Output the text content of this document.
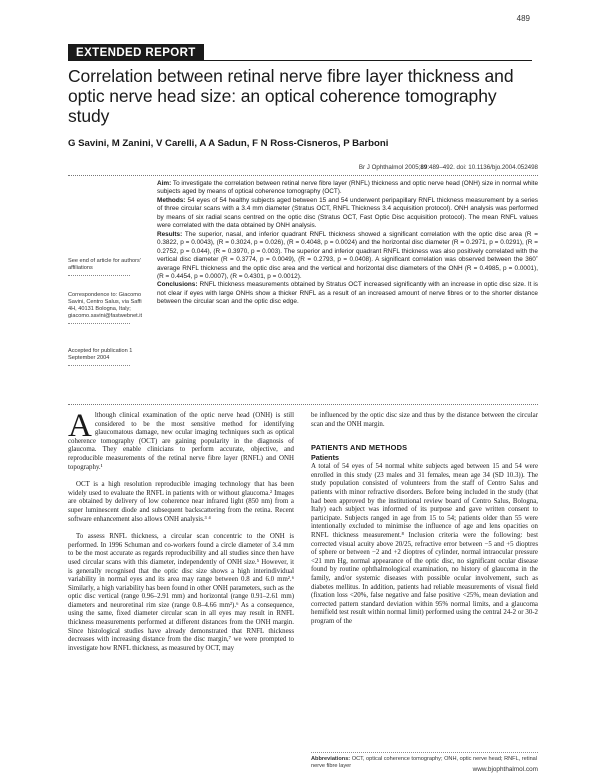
489
EXTENDED REPORT
Correlation between retinal nerve fibre layer thickness and optic nerve head size: an optical coherence tomography study
G Savini, M Zanini, V Carelli, A A Sadun, F N Ross-Cisneros, P Barboni
Br J Ophthalmol 2005;89:489–492. doi: 10.1136/bjo.2004.052498

Aim: To investigate the correlation between retinal nerve fibre layer (RNFL) thickness and optic nerve head (ONH) size in normal white subjects aged by means of optical coherence tomography (OCT).

Methods: 54 eyes of 54 healthy subjects aged between 15 and 54 underwent peripapillary RNFL thickness measurement by a series of three circular scans with a 3.4 mm diameter (Stratus OCT, RNFL Thickness 3.4 acquisition protocol). ONH analysis was performed by means of six radial scans centred on the optic disc (Stratus OCT, Fast Optic Disc acquisition protocol). The mean RNFL values were correlated with the data obtained by ONH analysis.

Results: The superior, nasal, and inferior quadrant RNFL thickness showed a significant correlation with the optic disc area (R = 0.3822, p = 0.0043), (R = 0.3024, p = 0.026), (R = 0.4048, p = 0.0024) and the horizontal disc diameter (R = 0.2971, p = 0.0291), (R = 0.2752, p = 0.044), (R = 0.3970, p = 0.003). The superior and inferior quadrant RNFL thickness was also positively correlated with the vertical disc diameter (R = 0.3774, p = 0.0049), (R = 0.2793, p = 0.0408). A significant correlation was observed between the 360˚ average RNFL thickness and the optic disc area and the vertical and horizontal disc diameters of the ONH (R = 0.4985, p = 0.0001), (R = 0.4454, p = 0.0007), (R = 0.4301, p = 0.0012).

Conclusions: RNFL thickness measurements obtained by Stratus OCT increased significantly with an increase in optic disc size. It is not clear if eyes with large ONHs show a thicker RNFL as a result of an increased amount of nerve fibres or to the shorter distance between the circular scan and the optic disc edge.

See end of article for authors' affiliations
Correspondence to: Giacomo Savini, Centro Salus, via Saffi 4H, 40131 Bologna, Italy; giacomo.savini@fastwebnet.it
Accepted for publication 1 September 2004

Although clinical examination of the optic nerve head (ONH) is still considered to be the most sensitive method for identifying glaucomatous damage, new ocular imaging techniques such as optical coherence tomography (OCT) are gaining popularity in the diagnosis of glaucoma. They enable clinicians to perform accurate, objective, and reproducible measurements of the retinal nerve fibre layer (RNFL) and ONH topography.¹

OCT is a high resolution reproducible imaging technology that has been widely used to evaluate the RNFL in patients with or without glaucoma.² Images are obtained by delivery of low coherence near infrared light (850 nm) from a super luminescent diode and subsequent backscattering from the retina. Recent software enhancement also allows ONH analysis.³ ⁴

To assess RNFL thickness, a circular scan concentric to the ONH is performed. In 1996 Schuman and co-workers found a circle diameter of 3.4 mm to be the most accurate as regards reproducibility and all studies since then have used circular scans with this diameter, independently of ONH size.⁵ However, it is generally recognised that the optic disc size shows a high interindividual variability in normal eyes and its area may range between 0.8 and 6.0 mm².⁶ Similarly, a high variability has been found in other ONH parameters, such as the optic disc vertical (range 0.96–2.91 mm) and horizontal (range 0.91–2.61 mm) diameters and neuroretinal rim size (range 0.8–4.66 mm²).⁶ As a consequence, using the same, fixed diameter circular scan in all eyes may result in RNFL thickness measurements performed at different distances from the ONH margin. Since histological studies have already demonstrated that RNFL thickness decreases with increasing distance from the disc margin,⁷ we were prompted to investigate how RNFL thickness, as measured by OCT, may

be influenced by the optic disc size and thus by the distance between the circular scan and the ONH margin.

PATIENTS AND METHODS
Patients

A total of 54 eyes of 54 normal white subjects aged between 15 and 54 were enrolled in this study (23 males and 31 females, mean age 34 (SD 10.3)). The study population consisted of volunteers from the staff of Centro Salus and patients with minor refractive disorders. Before being included in the study (that had been approved by the institutional review board of Centro Salus, Bologna, Italy) each subject was informed of its purpose and gave written consent to participate. Subjects ranged in age from 15 to 54; patients older than 55 were intentionally excluded to minimise the influence of age and lens opacities on RNFL thickness measurement.⁸ Inclusion criteria were the following: best corrected visual acuity above 20/25, refractive error between −5 and +5 dioptres of sphere or between −2 and +2 dioptres of cylinder, normal intraocular pressure <21 mm Hg, normal appearance of the optic disc, no significant ocular disease found by routine ophthalmological examination, no history of glaucoma in the family, and/or systemic diseases with possible ocular involvement, such as diabetes mellitus. In addition, patients had reliable measurements of visual field (fixation loss <20%, false negative and false positive <25%, mean deviation and corrected pattern standard deviation within 95% normal limits, and a glaucoma hemifield test result within normal limit) performed using the central 24-2 or 30-2 program of the

Abbreviations: OCT, optical coherence tomography; ONH, optic nerve head; RNFL, retinal nerve fibre layer	www.bjophthalmol.com
